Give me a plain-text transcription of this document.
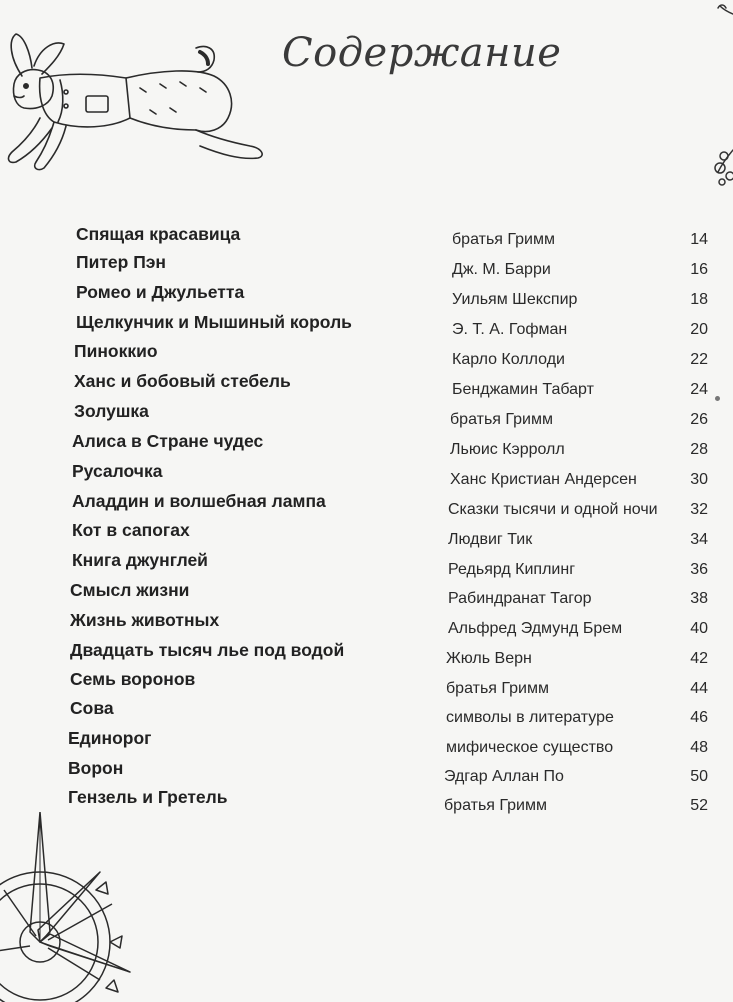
Содержание
Спящая красавица	братья Гримм	14
Питер Пэн	Дж. М. Барри	16
Ромео и Джульетта	Уильям Шекспир	18
Щелкунчик и Мышиный король	Э. Т. А. Гофман	20
Пиноккио	Карло Коллоди	22
Ханс и бобовый стебель	Бенджамин Табарт	24
Золушка	братья Гримм	26
Алиса в Стране чудес	Льюис Кэрролл	28
Русалочка	Ханс Кристиан Андерсен	30
Аладдин и волшебная лампа	Сказки тысячи и одной ночи 32
Кот в сапогах	Людвиг Тик	34
Книга джунглей	Редьярд Киплинг	36
Смысл жизни	Рабиндранат Тагор	38
Жизнь животных	Альфред Эдмунд Брем	40
Двадцать тысяч лье под водой	Жюль Верн	42
Семь воронов	братья Гримм	44
Сова	символы в литературе	46
Единорог	мифическое существо	48
Ворон	Эдгар Аллан По	50
Гензель и Гретель	братья Гримм	52
